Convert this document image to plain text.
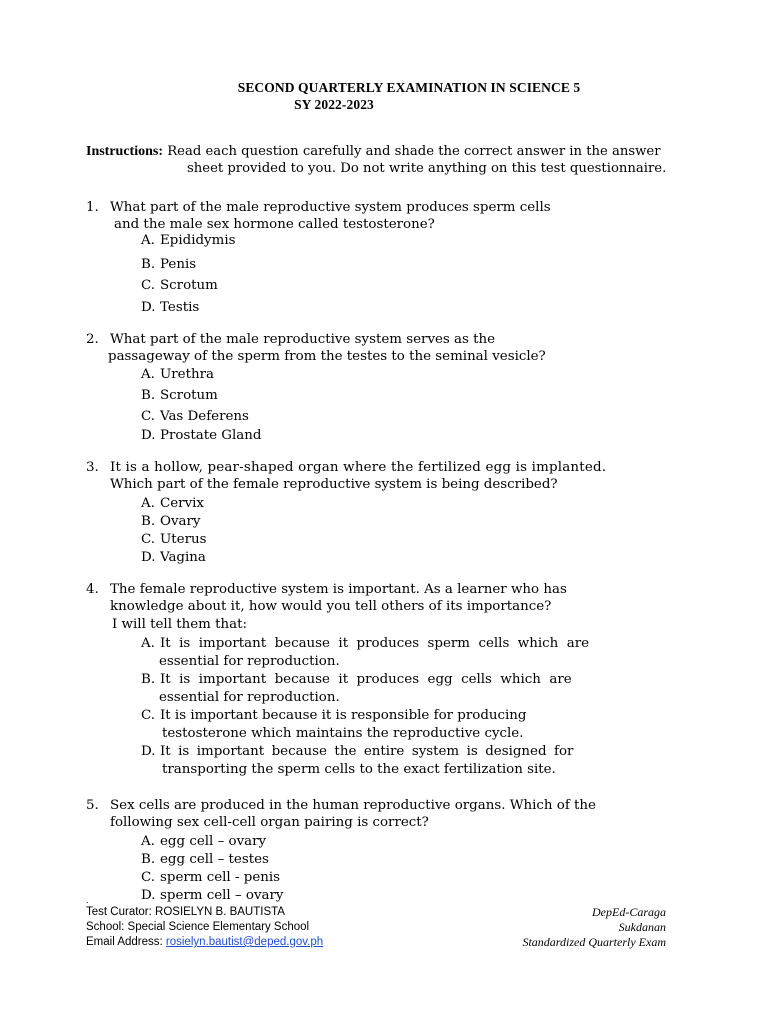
SECOND QUARTERLY EXAMINATION IN SCIENCE 5
SY 2022-2023
Instructions: Read each question carefully and shade the correct answer in the answer
sheet provided to you. Do not write anything on this test questionnaire.
1. What part of the male reproductive system produces sperm cells
and the male sex hormone called testosterone?
A. Epididymis
B. Penis
C. Scrotum
D. Testis
2. What part of the male reproductive system serves as the
passageway of the sperm from the testes to the seminal vesicle?
A. Urethra
B. Scrotum
C. Vas Deferens
D. Prostate Gland
3. It is a hollow, pear-shaped organ where the fertilized egg is implanted.
Which part of the female reproductive system is being described?
A. Cervix
B. Ovary
C. Uterus
D. Vagina
4. The female reproductive system is important. As a learner who has
knowledge about it, how would you tell others of its importance?
I will tell them that:
A. It is important because it produces sperm cells which are
essential for reproduction.
B. It is important because it produces egg cells which are
essential for reproduction.
C. It is important because it is responsible for producing
testosterone which maintains the reproductive cycle.
D. It is important because the entire system is designed for
transporting the sperm cells to the exact fertilization site.
5. Sex cells are produced in the human reproductive organs. Which of the
following sex cell-cell organ pairing is correct?
A. egg cell – ovary
B. egg cell – testes
C. sperm cell - penis
D. sperm cell – ovary
.
Test Curator: ROSIELYN B. BAUTISTA
School: Special Science Elementary School
Email Address: rosielyn.bautist@deped.gov.ph
DepEd-Caraga
Sukdanan
Standardized Quarterly Exam
